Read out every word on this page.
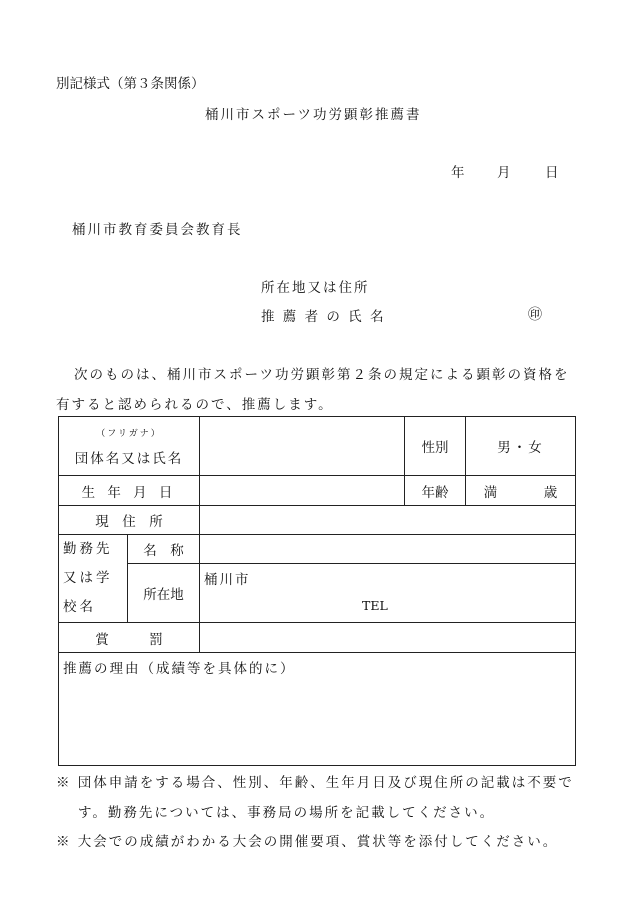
別記様式（第３条関係）
桶川市スポーツ功労顕彰推薦書
年 月	日
桶川市教育委員会教育長
所在地又は住所
推 薦 者 の 氏 名	㊞
次のものは、桶川市スポーツ功労顕彰第２条の規定による顕彰の資格を
有すると認められるので、推薦します。
（フリガナ）
団体名又は氏名			性別	男・女
生 年 月 日			年齢	満 歳
現　住　所				

勤務先
又は学
校名	名　称			
	所在地	桶川市
TEL		

賞　　　罰				
推薦の理由（成績等を具体的に）				
※ 団体申請をする場合、性別、年齢、生年月日及び現住所の記載は不要で
す。勤務先については、事務局の場所を記載してください。
※ 大会での成績がわかる大会の開催要項、賞状等を添付してください。
